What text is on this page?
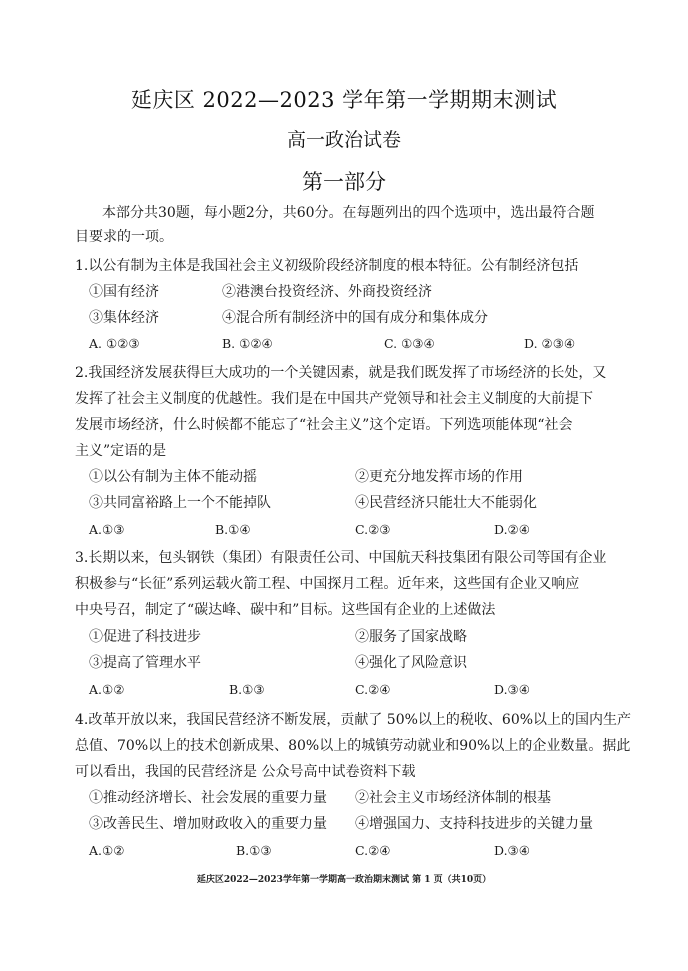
延庆区 2022—2023 学年第一学期期末测试
高一政治试卷
第一部分
本部分共30题，每小题2分，共60分。在每题列出的四个选项中，选出最符合题
目要求的一项。
1.以公有制为主体是我国社会主义初级阶段经济制度的根本特征。公有制经济包括
①国有经济	②港澳台投资经济、外商投资经济
③集体经济	④混合所有制经济中的国有成分和集体成分
A. ①②③	B. ①②④	C. ①③④	D. ②③④
2.我国经济发展获得巨大成功的一个关键因素，就是我们既发挥了市场经济的长处，又
发挥了社会主义制度的优越性。我们是在中国共产党领导和社会主义制度的大前提下
发展市场经济，什么时候都不能忘了“社会主义”这个定语。下列选项能体现“社会
主义”定语的是
①以公有制为主体不能动摇	②更充分地发挥市场的作用
③共同富裕路上一个不能掉队	④民营经济只能壮大不能弱化
A.①③	B.①④	C.②③	D.②④
3.长期以来，包头钢铁（集团）有限责任公司、中国航天科技集团有限公司等国有企业
积极参与“长征”系列运载火箭工程、中国探月工程。近年来，这些国有企业又响应
中央号召，制定了“碳达峰、碳中和”目标。这些国有企业的上述做法
①促进了科技进步	②服务了国家战略
③提高了管理水平	④强化了风险意识
A.①②	B.①③	C.②④	D.③④
4.改革开放以来，我国民营经济不断发展，贡献了 50%以上的税收、60%以上的国内生产
总值、70%以上的技术创新成果、80%以上的城镇劳动就业和90%以上的企业数量。据此
可以看出，我国的民营经济是 公众号高中试卷资料下载
①推动经济增长、社会发展的重要力量 ②社会主义市场经济体制的根基
③改善民生、增加财政收入的重要力量 ④增强国力、支持科技进步的关键力量
A.①②	B.①③	C.②④	D.③④
延庆区2022—2023学年第一学期高一政治期末测试 第 1 页（共10页）
